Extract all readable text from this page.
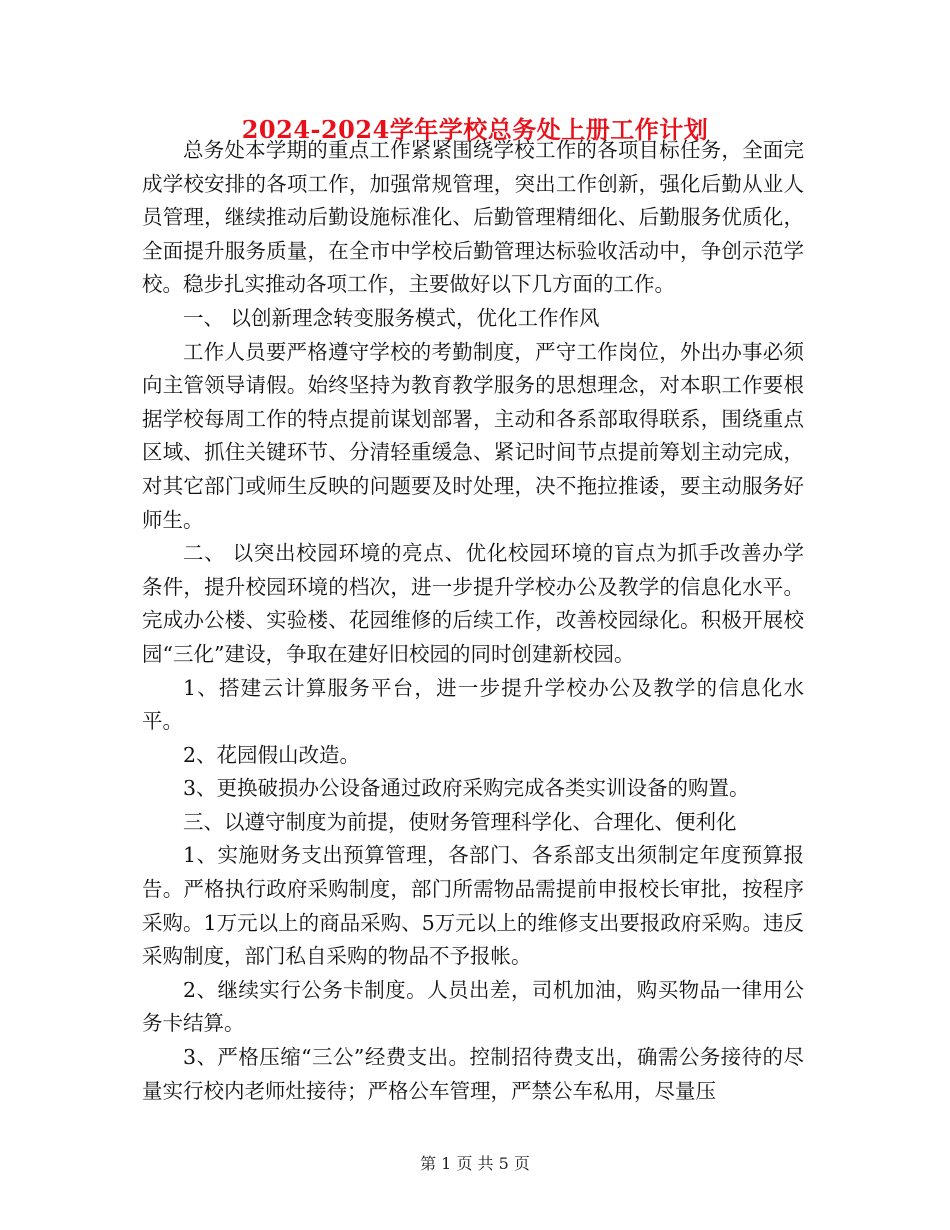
2024-2024学年学校总务处上册工作计划

总务处本学期的重点工作紧紧围绕学校工作的各项目标任务，全面完成学校安排的各项工作，加强常规管理，突出工作创新，强化后勤从业人员管理，继续推动后勤设施标准化、后勤管理精细化、后勤服务优质化，全面提升服务质量，在全市中学校后勤管理达标验收活动中，争创示范学校。稳步扎实推动各项工作，主要做好以下几方面的工作。

一、 以创新理念转变服务模式，优化工作作风

工作人员要严格遵守学校的考勤制度，严守工作岗位，外出办事必须向主管领导请假。始终坚持为教育教学服务的思想理念，对本职工作要根据学校每周工作的特点提前谋划部署，主动和各系部取得联系，围绕重点区域、抓住关键环节、分清轻重缓急、紧记时间节点提前筹划主动完成，对其它部门或师生反映的问题要及时处理，决不拖拉推诿，要主动服务好师生。

二、 以突出校园环境的亮点、优化校园环境的盲点为抓手改善办学条件，提升校园环境的档次，进一步提升学校办公及教学的信息化水平。完成办公楼、实验楼、花园维修的后续工作，改善校园绿化。积极开展校园“三化”建设，争取在建好旧校园的同时创建新校园。

1、搭建云计算服务平台，进一步提升学校办公及教学的信息化水平。

2、花园假山改造。

3、更换破损办公设备通过政府采购完成各类实训设备的购置。

三、以遵守制度为前提，使财务管理科学化、合理化、便利化

1、实施财务支出预算管理，各部门、各系部支出须制定年度预算报告。严格执行政府采购制度，部门所需物品需提前申报校长审批，按程序采购。1万元以上的商品采购、5万元以上的维修支出要报政府采购。违反采购制度，部门私自采购的物品不予报帐。

2、继续实行公务卡制度。人员出差，司机加油，购买物品一律用公务卡结算。

3、严格压缩“三公”经费支出。控制招待费支出，确需公务接待的尽量实行校内老师灶接待；严格公车管理，严禁公车私用，尽量压

第 1 页 共 5 页
